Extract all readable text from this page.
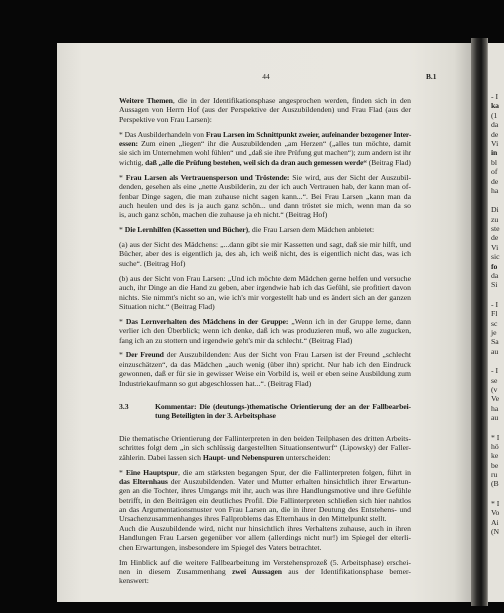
- I
ka
(1
da
de
Vi
in
bl
of
de
ha
Di
zu
ste
de
Vi
sic
fo
da
Si
- I
Fl
sc
je
Sa
au
- I
se
(v
Ve
ha
au
* I
hö
ke
be
ru
(B
* I
Vo
Ai
(N
44	B.1
Weitere Themen, die in der Identifikationsphase angesprochen werden, finden sich in den
Aussagen von Herrn Hof (aus der Perspektive der Auszubildenden) und Frau Flad (aus der
Perspektive von Frau Larsen):
* Das Ausbilderhandeln von Frau Larsen im Schnittpunkt zweier, aufeinander bezogener Inter-
essen: Zum einen „liegen“ ihr die Auszubildenden „am Herzen“ („alles tun möchte, damit
sie sich im Unternehmen wohl fühlen“ und „daß sie ihre Prüfung gut machen“); zum andern ist ihr
wichtig, daß „alle die Prüfung bestehen, weil sich da dran auch gemessen werde“ (Beitrag Flad)
* Frau Larsen als Vertrauensperson und Tröstende: Sie wird, aus der Sicht der Auszubil-
denden, gesehen als eine „nette Ausbilderin, zu der ich auch Vertrauen hab, der kann man of-
fenbar Dinge sagen, die man zuhause nicht sagen kann...“. Bei Frau Larsen „kann man da
auch heulen und des is ja auch ganz schön... und dann tröstet sie mich, wenn man da so
is, auch ganz schön, machen die zuhause ja eh nicht.“ (Beitrag Hof)
* Die Lernhilfen (Kassetten und Bücher), die Frau Larsen dem Mädchen anbietet:
(a) aus der Sicht des Mädchens: „...dann gibt sie mir Kassetten und sagt, daß sie mir hilft, und
Bücher, aber des is eigentlich ja, des ah, ich weiß nicht, des is eigentlich nicht das, was ich
suche“. (Beitrag Hof)
(b) aus der Sicht von Frau Larsen: „Und ich möchte dem Mädchen gerne helfen und versuche
auch, ihr Dinge an die Hand zu geben, aber irgendwie hab ich das Gefühl, sie profitiert davon
nichts. Sie nimmt's nicht so an, wie ich's mir vorgestellt hab und es ändert sich an der ganzen
Situation nicht.“ (Beitrag Flad)
* Das Lernverhalten des Mädchens in der Gruppe: „Wenn ich in der Gruppe lerne, dann
verlier ich den Überblick; wenn ich denke, daß ich was produzieren muß, wo alle zugucken,
fang ich an zu stottern und irgendwie geht's mir da schlecht.“ (Beitrag Flad)
* Der Freund der Auszubildenden: Aus der Sicht von Frau Larsen ist der Freund „schlecht
einzuschätzen“, da das Mädchen „auch wenig (über ihn) spricht. Nur hab ich den Eindruck
gewonnen, daß er für sie in gewisser Weise ein Vorbild is, weil er eben seine Ausbildung zum
Industriekaufmann so gut abgeschlossen hat...“. (Beitrag Flad)
3.3	Kommentar: Die (deutungs-)thematische Orientierung der an der Fallbearbei-
tung Beteiligten in der 3. Arbeitsphase
Die thematische Orientierung der Fallinterpreten in den beiden Teilphasen des dritten Arbeits-
schrittes folgt dem „in sich schlüssig dargestellten Situationsentwurf“ (Lipowsky) der Faller-
zählerin. Dabei lassen sich Haupt- und Nebenspuren unterscheiden:
* Eine Hauptspur, die am stärksten begangen Spur, der die Fallinterpreten folgen, führt in
das Elternhaus der Auszubildenden. Vater und Mutter erhalten hinsichtlich ihrer Erwartun-
gen an die Tochter, ihres Umgangs mit ihr, auch was ihre Handlungsmotive und ihre Gefühle
betrifft, in den Beiträgen ein deutliches Profil. Die Fallinterpreten schließen sich hier nahtlos
an das Argumentationsmuster von Frau Larsen an, die in ihrer Deutung des Entstehens- und
Ursachenzusammenhanges ihres Fallproblems das Elternhaus in den Mittelpunkt stellt.
Auch die Auszubildende wird, nicht nur hinsichtlich ihres Verhaltens zuhause, auch in ihren
Handlungen Frau Larsen gegenüber vor allem (allerdings nicht nur!) im Spiegel der elterli-
chen Erwartungen, insbesondere im Spiegel des Vaters betrachtet.
Im Hinblick auf die weitere Fallbearbeitung im Verstehensprozeß (5. Arbeitsphase) erschei-
nen in diesem Zusammenhang zwei Aussagen aus der Identifikationsphase bemer-
kenswert:
